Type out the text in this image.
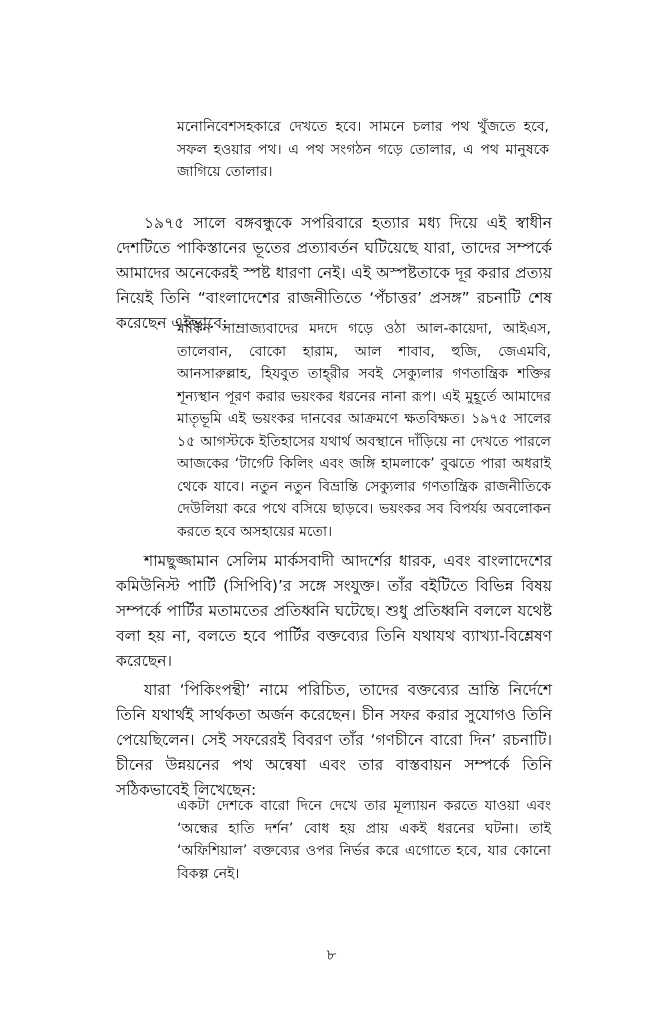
মনোনিবেশসহকারে দেখতে হবে। সামনে চলার পথ খুঁজতে হবে, সফল হওয়ার পথ। এ পথ সংগঠন গড়ে তোলার, এ পথ মানুষকে জাগিয়ে তোলার।

১৯৭৫ সালে বঙ্গবন্ধুকে সপরিবারে হত্যার মধ্য দিয়ে এই স্বাধীন দেশটিতে পাকিস্তানের ভূতের প্রত্যাবর্তন ঘটিয়েছে যারা, তাদের সম্পর্কে আমাদের অনেকেরই স্পষ্ট ধারণা নেই। এই অস্পষ্টতাকে দূর করার প্রত্যয় নিয়েই তিনি “বাংলাদেশের রাজনীতিতে ‘পঁচাত্তর’ প্রসঙ্গ” রচনাটি শেষ করেছেন এইভাবে:

মার্কিন সাম্রাজ্যবাদের মদদে গড়ে ওঠা আল-কায়েদা, আইএস, তালেবান, বোকো হারাম, আল শাবাব, হুজি, জেএমবি, আনসারুল্লাহ, হিযবুত তাহ্‌রীর সবই সেক্যুলার গণতান্ত্রিক শক্তির শূন্যস্থান পূরণ করার ভয়ংকর ধরনের নানা রূপ। এই মুহূর্তে আমাদের মাতৃভূমি এই ভয়ংকর দানবের আক্রমণে ক্ষতবিক্ষত। ১৯৭৫ সালের ১৫ আগস্টকে ইতিহাসের যথার্থ অবস্থানে দাঁড়িয়ে না দেখতে পারলে আজকের ‘টার্গেট কিলিং এবং জঙ্গি হামলাকে’ বুঝতে পারা অধরাই থেকে যাবে। নতুন নতুন বিভ্রান্তি সেক্যুলার গণতান্ত্রিক রাজনীতিকে দেউলিয়া করে পথে বসিয়ে ছাড়বে। ভয়ংকর সব বিপর্যয় অবলোকন করতে হবে অসহায়ের মতো।

শামছুজ্জামান সেলিম মার্কসবাদী আদর্শের ধারক, এবং বাংলাদেশের কমিউনিস্ট পার্টি (সিপিবি)’র সঙ্গে সংযুক্ত। তাঁর বইটিতে বিভিন্ন বিষয় সম্পর্কে পার্টির মতামতের প্রতিধ্বনি ঘটেছে। শুধু প্রতিধ্বনি বললে যথেষ্ট বলা হয় না, বলতে হবে পার্টির বক্তব্যের তিনি যথাযথ ব্যাখ্যা-বিশ্লেষণ করেছেন।

যারা ‘পিকিংপন্থী’ নামে পরিচিত, তাদের বক্তব্যের ভ্রান্তি নির্দেশে তিনি যথার্থই সার্থকতা অর্জন করেছেন। চীন সফর করার সুযোগও তিনি পেয়েছিলেন। সেই সফরেরই বিবরণ তাঁর ‘গণচীনে বারো দিন’ রচনাটি। চীনের উন্নয়নের পথ অন্বেষা এবং তার বাস্তবায়ন সম্পর্কে তিনি সঠিকভাবেই লিখেছেন:

একটা দেশকে বারো দিনে দেখে তার মূল্যায়ন করতে যাওয়া এবং ‘অন্ধের হাতি দর্শন’ বোধ হয় প্রায় একই ধরনের ঘটনা। তাই ‘অফিশিয়াল’ বক্তব্যের ওপর নির্ভর করে এগোতে হবে, যার কোনো বিকল্প নেই।

৮
